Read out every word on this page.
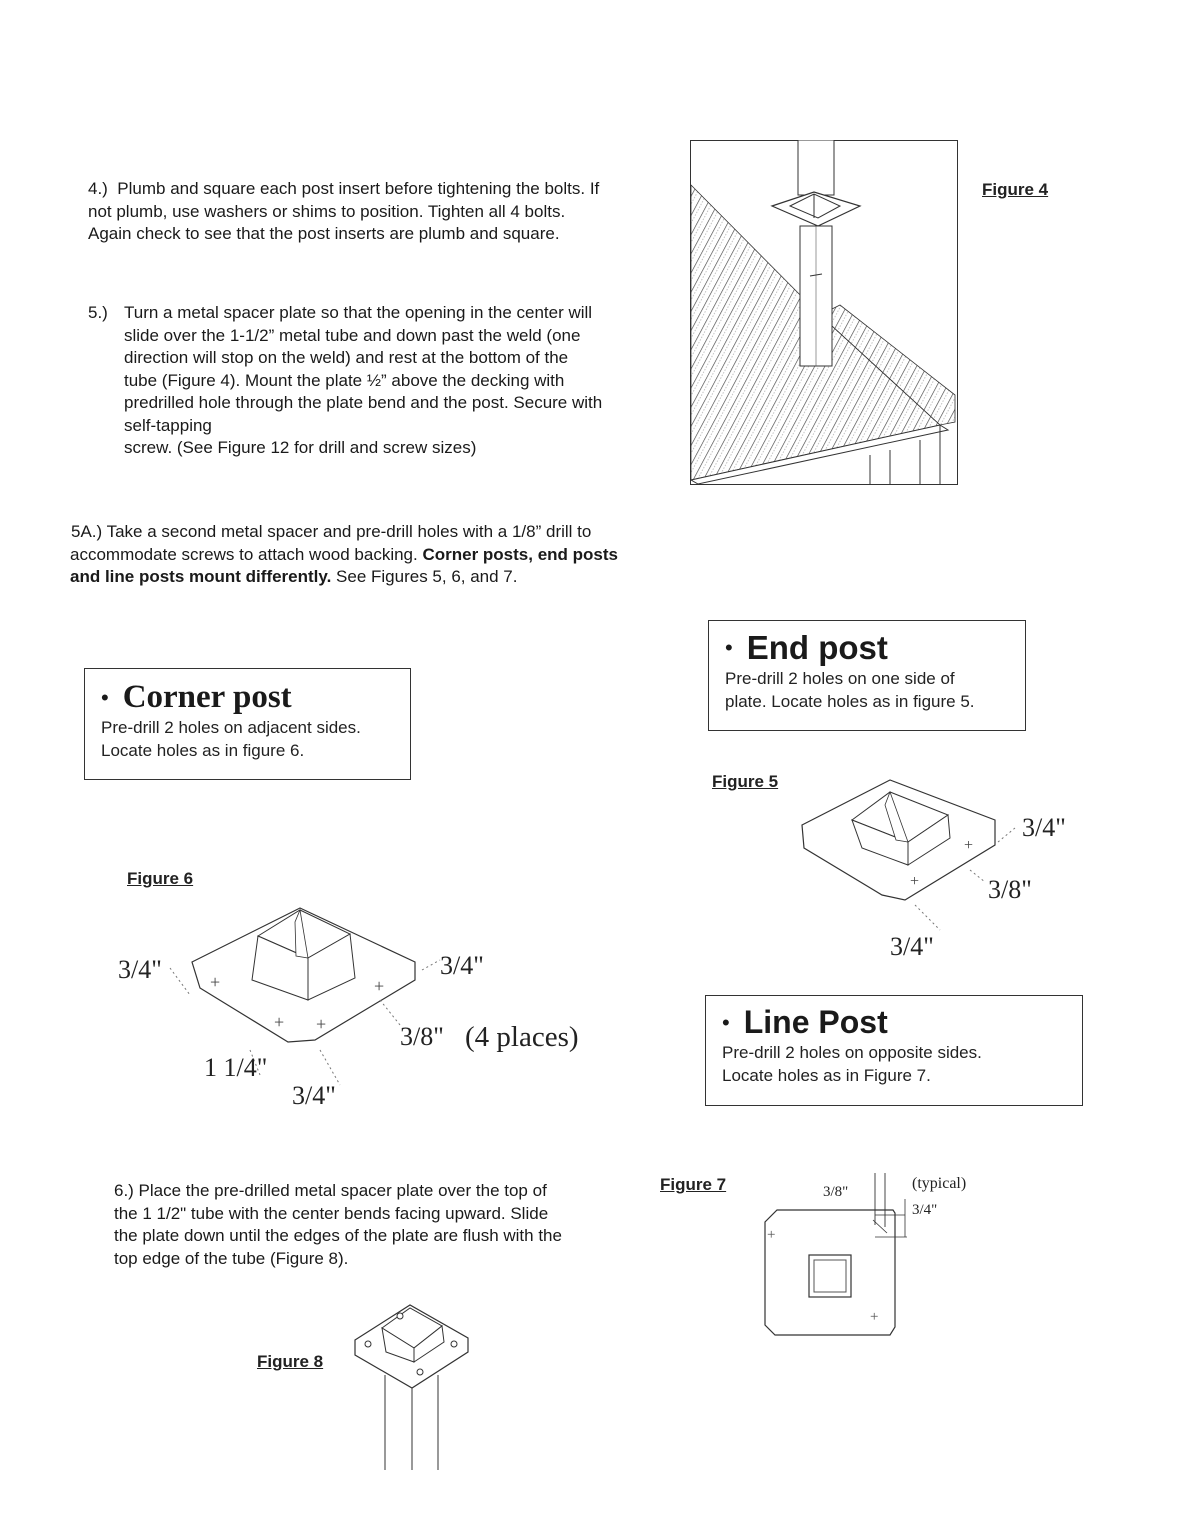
4.) Plumb and square each post insert before tightening the bolts. If
not plumb, use washers or shims to position. Tighten all 4 bolts.
Again check to see that the post inserts are plumb and square.
5.) Turn a metal spacer plate so that the opening in the center will
slide over the 1-1/2” metal tube and down past the weld (one
direction will stop on the weld) and rest at the bottom of the
tube (Figure 4). Mount the plate ½” above the decking with
predrilled hole through the plate bend and the post. Secure with
self-tapping
screw. (See Figure 12 for drill and screw sizes)
5A.) Take a second metal spacer and pre-drill holes with a 1/8” drill to
accommodate screws to attach wood backing. Corner posts, end posts
and line posts mount differently. See Figures 5, 6, and 7.
Figure 4
• Corner post
Pre-drill 2 holes on adjacent sides.
Locate holes as in figure 6.
• End post
Pre-drill 2 holes on one side of
plate. Locate holes as in figure 5.
Figure 5
+
+
3/4"
3/8"
3/4"
Figure 6
+
+ +
+
3/4"	3/4"
3/8" (4 places)
1 1/4"
3/4"
• Line Post
Pre-drill 2 holes on opposite sides.
Locate holes as in Figure 7.
6.) Place the pre-drilled metal spacer plate over the top of
the 1 1/2" tube with the center bends facing upward. Slide
the plate down until the edges of the plate are flush with the
top edge of the tube (Figure 8).
Figure 7
+
+
3/8"	(typical)
3/4"
Figure 8
